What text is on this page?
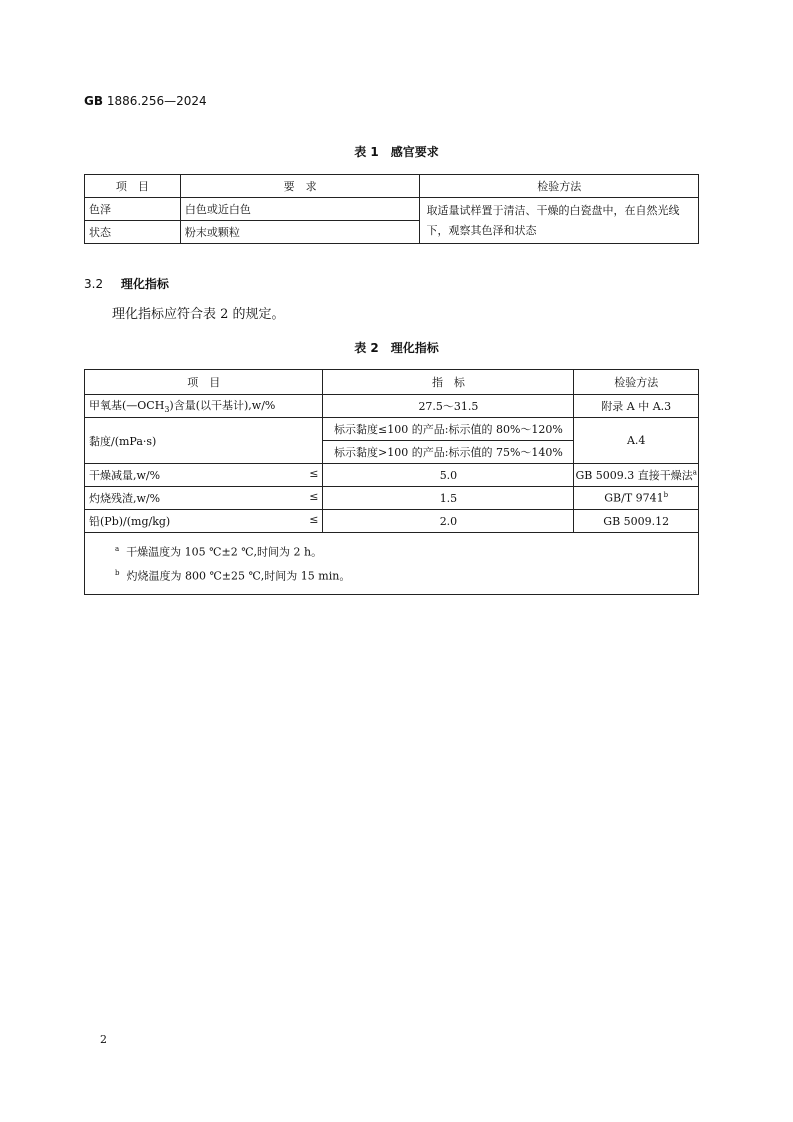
GB 1886.256—2024
表 1　感官要求
项　目	要　求	检验方法
色泽	白色或近白色	取适量试样置于清洁、干燥的白瓷盘中，在自然光线下，观察其色泽和状态
状态	粉末或颗粒	
3.2 理化指标
理化指标应符合表 2 的规定。
表 2　理化指标
项　目	指　标	检验方法
甲氧基$(—OCH_3)$含量(以干基计),w/%	27.5～31.5	附录 A 中 A.3
黏度/(mPa·s)	标示黏度≤100 的产品:标示值的 80%～120%	A.4
	标示黏度>100 的产品:标示值的 75%～140%	
干燥减量,w/% ≤	5.0	GB 5009.3 直接干燥法$^a$
灼烧残渣,w/% ≤	1.5	GB/T 9741$^b$
铅(Pb)/(mg/kg) ≤	2.0	GB 5009.12

$^a$ 干燥温度为 105 ℃±2 ℃,时间为 2 h。
$^b$ 灼烧温度为 800 ℃±25 ℃,时间为 15 min。		
2
